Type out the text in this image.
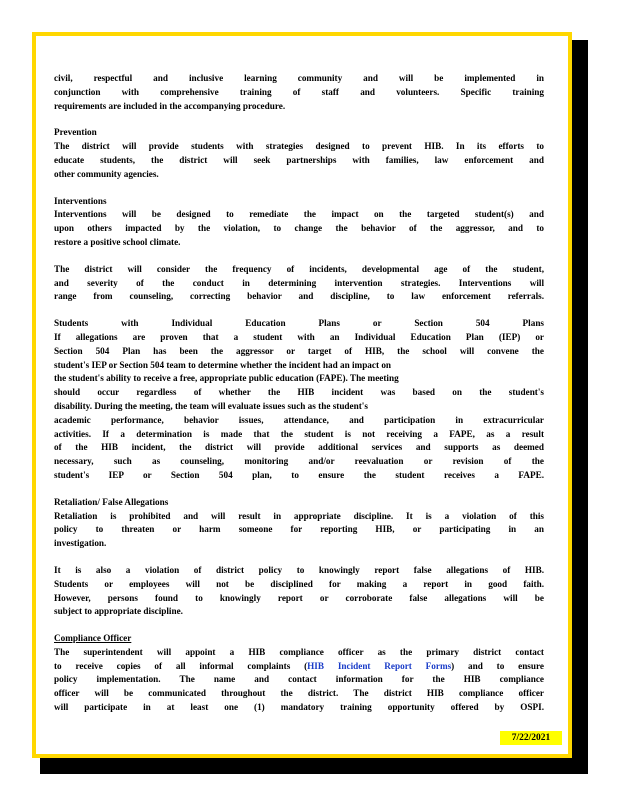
civil, respectful and inclusive learning community and will be implemented in
conjunction with comprehensive training of staff and volunteers. Specific training
requirements are included in the accompanying procedure.
Prevention
The district will provide students with strategies designed to prevent HIB. In its efforts to
educate students, the district will seek partnerships with families, law enforcement and
other community agencies.
Interventions
Interventions will be designed to remediate the impact on the targeted student(s) and
upon others impacted by the violation, to change the behavior of the aggressor, and to
restore a positive school climate.
The district will consider the frequency of incidents, developmental age of the student,
and severity of the conduct in determining intervention strategies. Interventions will
range from counseling, correcting behavior and discipline, to law enforcement referrals.
Students with Individual Education Plans or Section 504 Plans
If allegations are proven that a student with an Individual Education Plan (IEP) or
Section 504 Plan has been the aggressor or target of HIB, the school will convene the
student's IEP or Section 504 team to determine whether the incident had an impact on
the student's ability to receive a free, appropriate public education (FAPE). The meeting
should occur regardless of whether the HIB incident was based on the student's
disability. During the meeting, the team will evaluate issues such as the student's
academic performance, behavior issues, attendance, and participation in extracurricular
activities. If a determination is made that the student is not receiving a FAPE, as a result
of the HIB incident, the district will provide additional services and supports as deemed
necessary, such as counseling, monitoring and/or reevaluation or revision of the
student's IEP or Section 504 plan, to ensure the student receives a FAPE.
Retaliation/ False Allegations
Retaliation is prohibited and will result in appropriate discipline. It is a violation of this
policy to threaten or harm someone for reporting HIB, or participating in an
investigation.
It is also a violation of district policy to knowingly report false allegations of HIB.
Students or employees will not be disciplined for making a report in good faith.
However, persons found to knowingly report or corroborate false allegations will be
subject to appropriate discipline.
Compliance Officer
The superintendent will appoint a HIB compliance officer as the primary district contact
to receive copies of all informal complaints (HIB Incident Report Forms) and to ensure
policy implementation. The name and contact information for the HIB compliance
officer will be communicated throughout the district. The district HIB compliance officer
will participate in at least one (1) mandatory training opportunity offered by OSPI.
7/22/2021
